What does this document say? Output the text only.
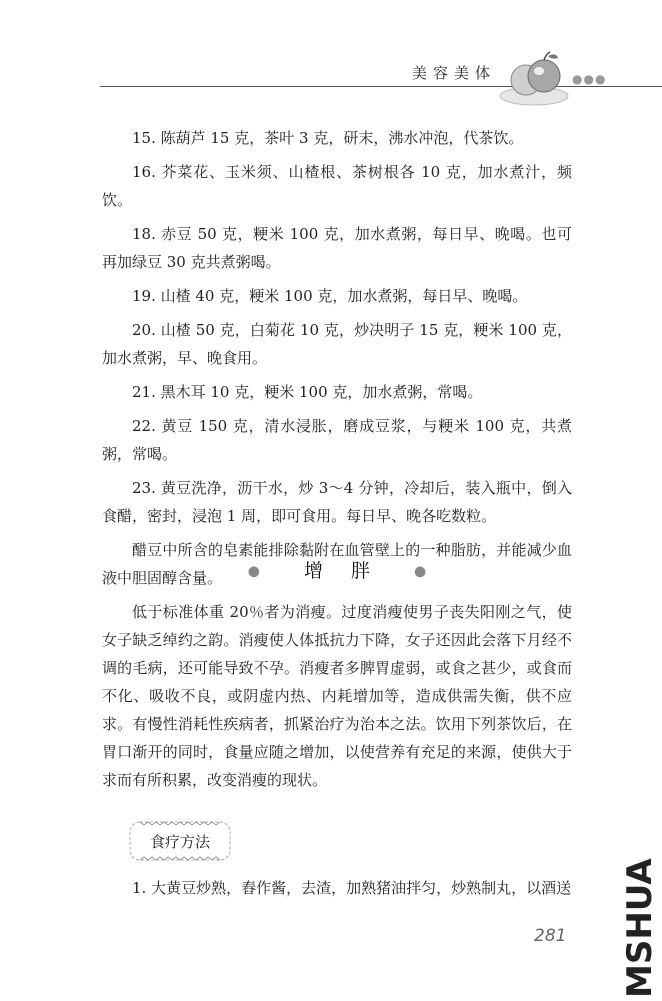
美容美体	●●●

15. 陈葫芦 15 克，茶叶 3 克，研末，沸水冲泡，代茶饮。

16. 芥菜花、玉米须、山楂根、茶树根各 10 克，加水煮汁，频饮。

18. 赤豆 50 克，粳米 100 克，加水煮粥，每日早、晚喝。也可再加绿豆 30 克共煮粥喝。

19. 山楂 40 克，粳米 100 克，加水煮粥，每日早、晚喝。

20. 山楂 50 克，白菊花 10 克，炒决明子 15 克，粳米 100 克，加水煮粥，早、晚食用。

21. 黑木耳 10 克，粳米 100 克，加水煮粥，常喝。

22. 黄豆 150 克，清水浸胀，磨成豆浆，与粳米 100 克，共煮粥，常喝。

23. 黄豆洗净，沥干水，炒 3～4 分钟，冷却后，装入瓶中，倒入食醋，密封，浸泡 1 周，即可食用。每日早、晚各吃数粒。

醋豆中所含的皂素能排除黏附在血管壁上的一种脂肪，并能减少血液中胆固醇含量。	● 增胖 ●

低于标准体重 20％者为消瘦。过度消瘦使男子丧失阳刚之气，使女子缺乏绰约之韵。消瘦使人体抵抗力下降，女子还因此会落下月经不调的毛病，还可能导致不孕。消瘦者多脾胃虚弱，或食之甚少，或食而不化、吸收不良，或阴虚内热、内耗增加等，造成供需失衡，供不应求。有慢性消耗性疾病者，抓紧治疗为治本之法。饮用下列茶饮后，在胃口渐开的同时，食量应随之增加，以使营养有充足的来源，使供大于求而有所积累，改变消瘦的现状。

食疗方法

1. 大黄豆炒熟，舂作酱，去渣，加熟猪油拌匀，炒熟制丸，以酒送

281 MSHUA
